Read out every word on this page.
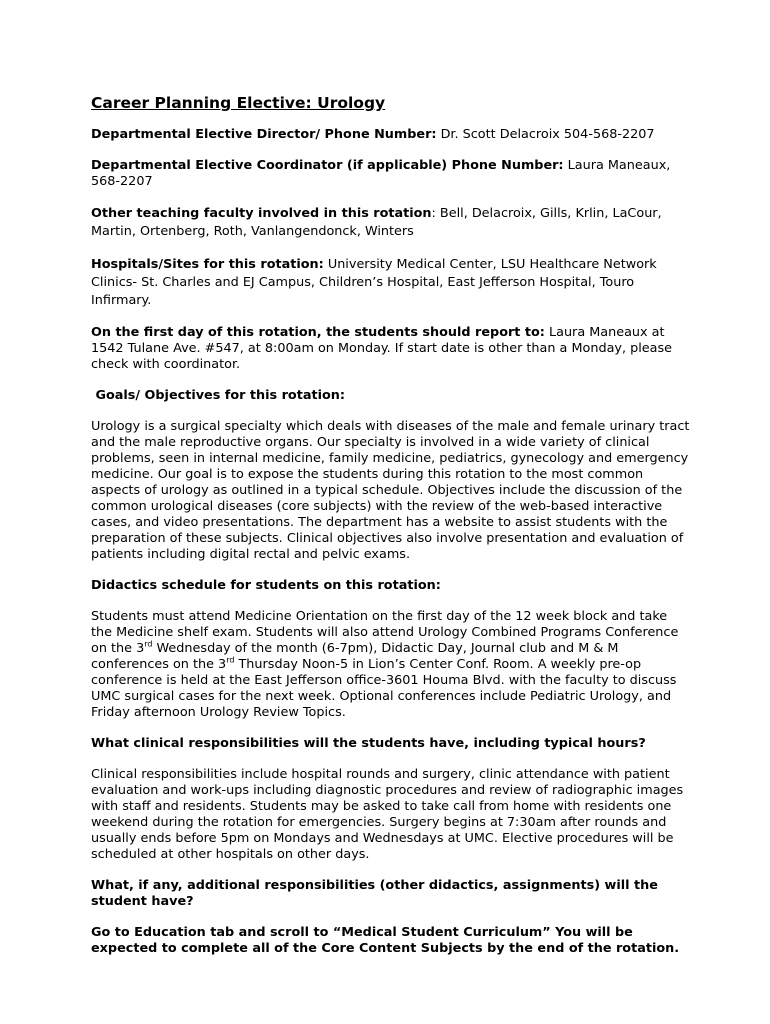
Career Planning Elective: Urology

Departmental Elective Director/ Phone Number: Dr. Scott Delacroix 504-568-2207

Departmental Elective Coordinator (if applicable) Phone Number: Laura Maneaux, 568-2207

Other teaching faculty involved in this rotation: Bell, Delacroix, Gills, Krlin, LaCour, Martin, Ortenberg, Roth, Vanlangendonck, Winters

Hospitals/Sites for this rotation: University Medical Center, LSU Healthcare Network Clinics- St. Charles and EJ Campus, Children’s Hospital, East Jefferson Hospital, Touro Infirmary.

On the first day of this rotation, the students should report to: Laura Maneaux at 1542 Tulane Ave. #547, at 8:00am on Monday. If start date is other than a Monday, please check with coordinator.

Goals/ Objectives for this rotation:

Urology is a surgical specialty which deals with diseases of the male and female urinary tract and the male reproductive organs. Our specialty is involved in a wide variety of clinical problems, seen in internal medicine, family medicine, pediatrics, gynecology and emergency medicine. Our goal is to expose the students during this rotation to the most common aspects of urology as outlined in a typical schedule. Objectives include the discussion of the common urological diseases (core subjects) with the review of the web-based interactive cases, and video presentations. The department has a website to assist students with the preparation of these subjects. Clinical objectives also involve presentation and evaluation of patients including digital rectal and pelvic exams.

Didactics schedule for students on this rotation:

Students must attend Medicine Orientation on the first day of the 12 week block and take the Medicine shelf exam. Students will also attend Urology Combined Programs Conference on the 3rd Wednesday of the month (6-7pm), Didactic Day, Journal club and M & M conferences on the 3rd Thursday Noon-5 in Lion’s Center Conf. Room. A weekly pre-op conference is held at the East Jefferson office-3601 Houma Blvd. with the faculty to discuss UMC surgical cases for the next week. Optional conferences include Pediatric Urology, and Friday afternoon Urology Review Topics.

What clinical responsibilities will the students have, including typical hours?

Clinical responsibilities include hospital rounds and surgery, clinic attendance with patient evaluation and work-ups including diagnostic procedures and review of radiographic images with staff and residents. Students may be asked to take call from home with residents one weekend during the rotation for emergencies. Surgery begins at 7:30am after rounds and usually ends before 5pm on Mondays and Wednesdays at UMC. Elective procedures will be scheduled at other hospitals on other days.

What, if any, additional responsibilities (other didactics, assignments) will the student have?

Go to Education tab and scroll to “Medical Student Curriculum” You will be expected to complete all of the Core Content Subjects by the end of the rotation.
